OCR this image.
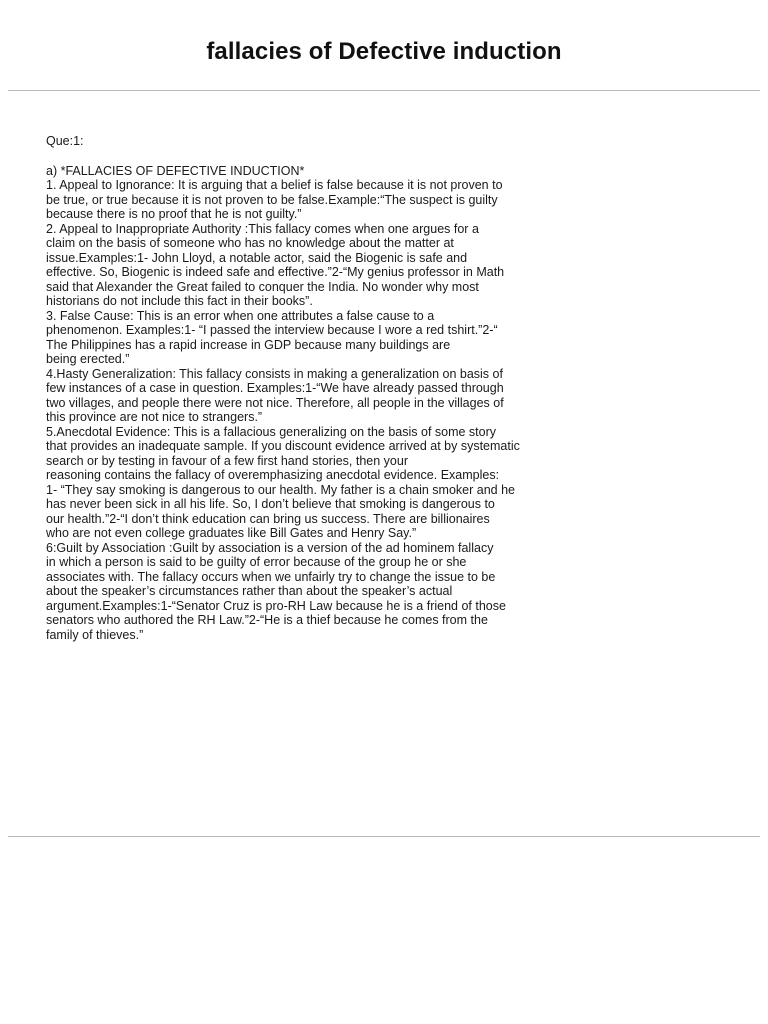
fallacies of Defective induction
Que:1:
a) *FALLACIES OF DEFECTIVE INDUCTION*
1. Appeal to Ignorance: It is arguing that a belief is false because it is not proven to
be true, or true because it is not proven to be false.Example:“The suspect is guilty
because there is no proof that he is not guilty.”
2. Appeal to Inappropriate Authority :This fallacy comes when one argues for a
claim on the basis of someone who has no knowledge about the matter at
issue.Examples:1- John Lloyd, a notable actor, said the Biogenic is safe and
effective. So, Biogenic is indeed safe and effective.”2-“My genius professor in Math
said that Alexander the Great failed to conquer the India. No wonder why most
historians do not include this fact in their books”.
3. False Cause: This is an error when one attributes a false cause to a
phenomenon. Examples:1- “I passed the interview because I wore a red tshirt.”2-“
The Philippines has a rapid increase in GDP because many buildings are
being erected.”
4.Hasty Generalization: This fallacy consists in making a generalization on basis of
few instances of a case in question. Examples:1-“We have already passed through
two villages, and people there were not nice. Therefore, all people in the villages of
this province are not nice to strangers.”
5.Anecdotal Evidence: This is a fallacious generalizing on the basis of some story
that provides an inadequate sample. If you discount evidence arrived at by systematic
search or by testing in favour of a few first hand stories, then your
reasoning contains the fallacy of overemphasizing anecdotal evidence. Examples:
1- “They say smoking is dangerous to our health. My father is a chain smoker and he
has never been sick in all his life. So, I don’t believe that smoking is dangerous to
our health.”2-“I don’t think education can bring us success. There are billionaires
who are not even college graduates like Bill Gates and Henry Say.”
6:Guilt by Association :Guilt by association is a version of the ad hominem fallacy
in which a person is said to be guilty of error because of the group he or she
associates with. The fallacy occurs when we unfairly try to change the issue to be
about the speaker’s circumstances rather than about the speaker’s actual
argument.Examples:1-“Senator Cruz is pro-RH Law because he is a friend of those
senators who authored the RH Law.”2-“He is a thief because he comes from the
family of thieves.”
